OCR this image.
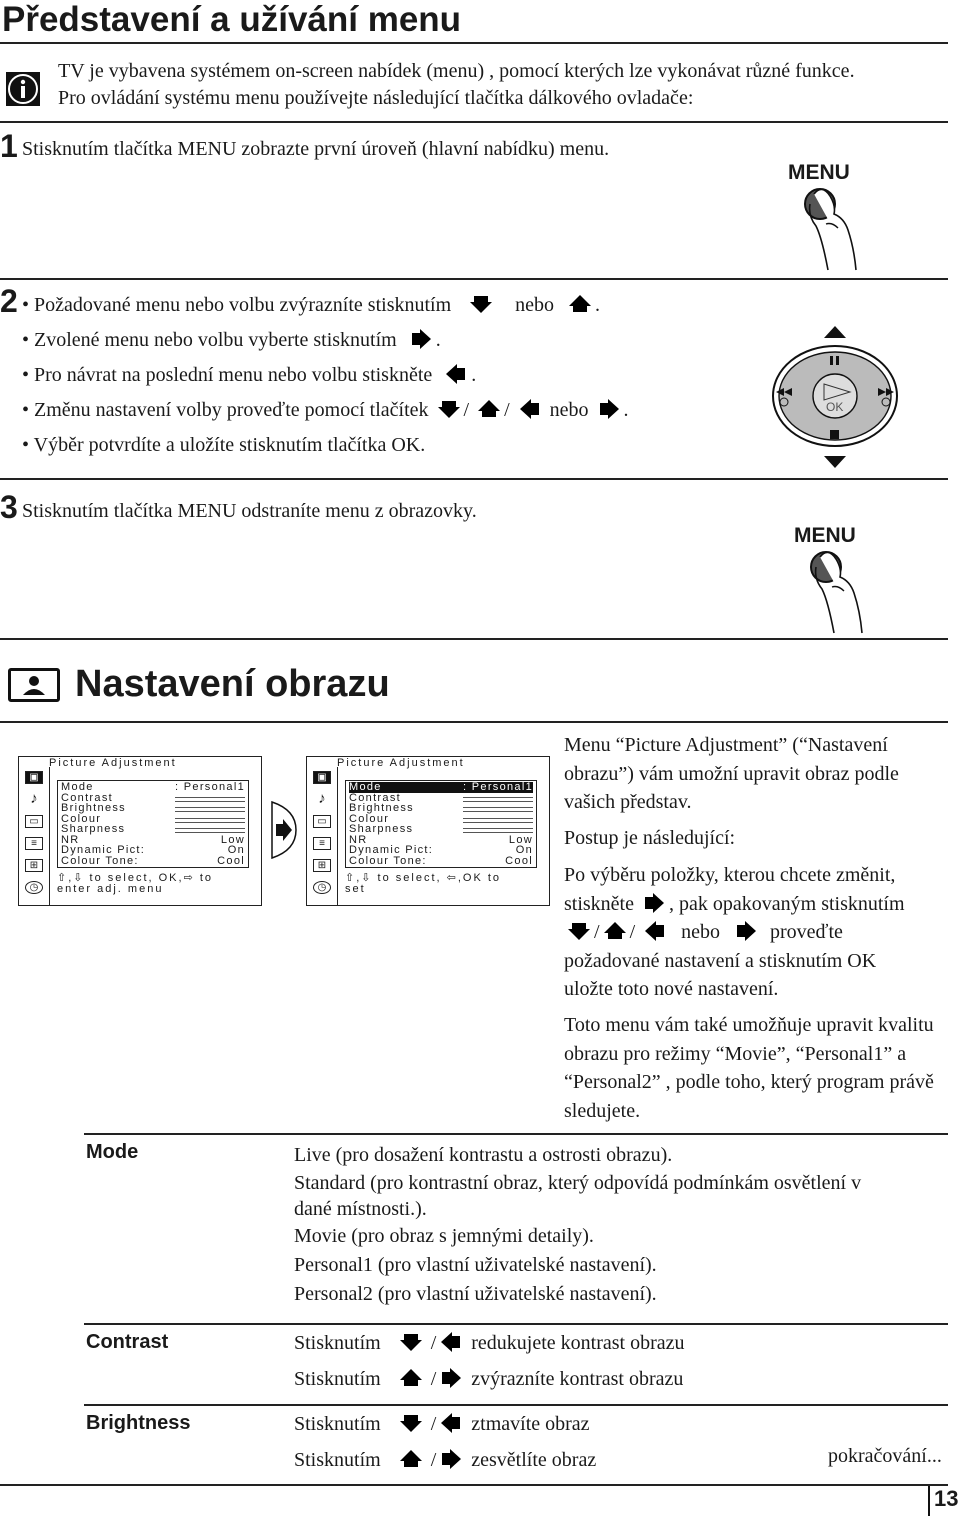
Představení a užívání menu
TV je vybavena systémem on-screen nabídek (menu) , pomocí kterých lze vykonávat různé funkce.
Pro ovládání systému menu používejte následující tlačítka dálkového ovladače:
1 Stisknutím tlačítka MENU zobrazte první úroveň (hlavní nabídku) menu.
MENU
2 • Požadované menu nebo volbu zvýrazníte stisknutím	nebo .
• Zvolené menu nebo volbu vyberte stisknutím .
• Pro návrat na poslední menu nebo volbu stiskněte .
• Změnu nastavení volby proveďte pomocí tlačítek / / nebo .
• Výběr potvrdíte a uložíte stisknutím tlačítka OK.
OK
3 Stisknutím tlačítka MENU odstraníte menu z obrazovky.
MENU
Nastavení obrazu
Picture Adjustment
▣
♪
▭
≡
⊞
◷
Mode	: Personal1
Contrast
Brightness
Colour
Sharpness
NR	Low
Dynamic Pict:	On
Colour Tone:	Cool
⇧,⇩ to select, OK,⇨ to
enter adj. menu
Picture Adjustment
▣
♪
▭
≡
⊞
◷
Mode	: Personal1
Contrast
Brightness
Colour
Sharpness
NR	Low
Dynamic Pict:	On
Colour Tone:	Cool
⇧,⇩ to select, ⇦,OK to
set
Menu “Picture Adjustment” (“Nastavení obrazu”) vám umožní upravit obraz podle vašich představ.
Postup je následující:
Po výběru položky, kterou chcete změnit,
stiskněte , pak opakovaným stisknutím
/ / nebo	proveďte
požadované nastavení a stisknutím OK
uložte toto nové nastavení.
Toto menu vám také umožňuje upravit kvalitu obrazu pro režimy “Movie”, “Personal1” a “Personal2” , podle toho, který program právě sledujete.
Mode	Live (pro dosažení kontrastu a ostrosti obrazu).
Standard (pro kontrastní obraz, který odpovídá podmínkám osvětlení v
dané místnosti.).
Movie (pro obraz s jemnými detaily).
Personal1 (pro vlastní uživatelské nastavení).
Personal2 (pro vlastní uživatelské nastavení).
Contrast	Stisknutím	/ redukujete kontrast obrazu
Stisknutím	/ zvýrazníte kontrast obrazu
Brightness	Stisknutím	/ ztmavíte obraz
Stisknutím	/ zesvětlíte obraz	pokračování...
13
